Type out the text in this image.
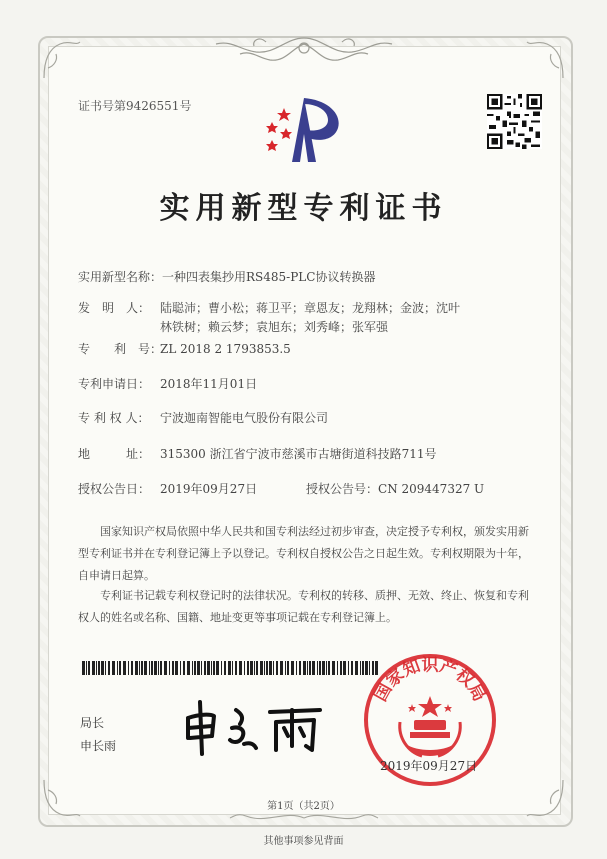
证书号第9426551号
实用新型专利证书
实用新型名称：一种四表集抄用RS485-PLC协议转换器
发　明　人： 陆聪沛；曹小松；蒋卫平；章恩友；龙翔林；金波；沈叶
林铁树；赖云梦；袁旭东；刘秀峰；张军强
专　　利　号：ZL 2018 2 1793853.5
专利申请日： 2018年11月01日
专 利 权 人： 宁波迦南智能电气股份有限公司
地　　　址： 315300 浙江省宁波市慈溪市古塘街道科技路711号
授权公告日： 2019年09月27日	授权公告号：CN 209447327 U
国家知识产权局依照中华人民共和国专利法经过初步审查，决定授予专利权，颁发实用新型专利证书并在专利登记簿上予以登记。专利权自授权公告之日起生效。专利权期限为十年，自申请日起算。
专利证书记载专利权登记时的法律状况。专利权的转移、质押、无效、终止、恢复和专利权人的姓名或名称、国籍、地址变更等事项记载在专利登记簿上。
局长
申长雨
国家知识产权局
2019年09月27日
第1页（共2页）
其他事项参见背面
